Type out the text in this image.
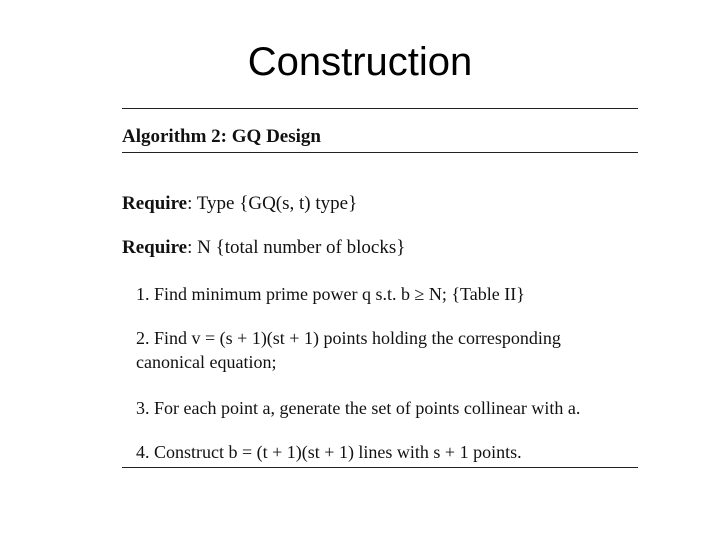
Construction
Algorithm 2: GQ Design
Require: Type {GQ(s, t) type}
Require: N {total number of blocks}
1. Find minimum prime power q s.t. b ≥ N; {Table II}
2. Find v = (s + 1)(st + 1) points holding the corresponding
canonical equation;
3. For each point a, generate the set of points collinear with a.
4. Construct b = (t + 1)(st + 1) lines with s + 1 points.
